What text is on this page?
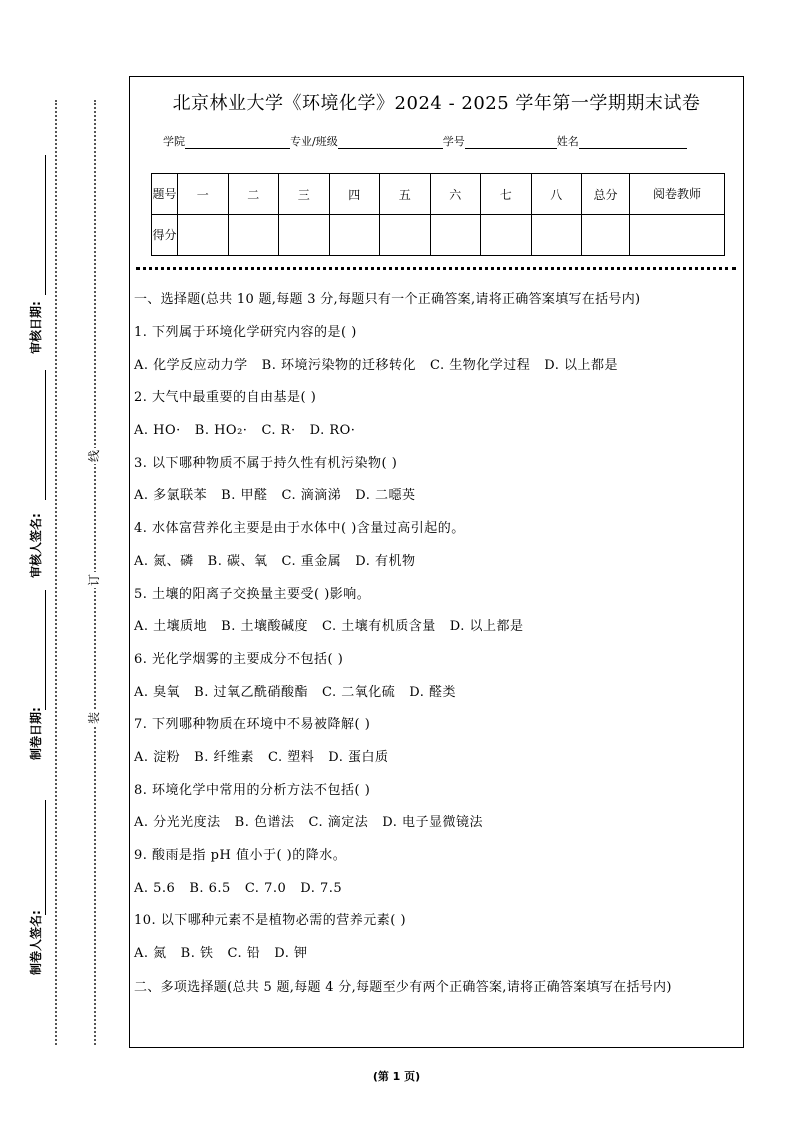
审核日期:
审核人签名:
制卷日期:
制卷人签名:
线
订
装
北京林业大学《环境化学》2024 - 2025 学年第一学期期末试卷
学院	专业/班级	学号	姓名
题号	一	二	三	四	五	六	七	八	总分	阅卷教师
得分										
一、选择题(总共 10 题,每题 3 分,每题只有一个正确答案,请将正确答案填写在括号内)
1. 下列属于环境化学研究内容的是( )
A. 化学反应动力学 B. 环境污染物的迁移转化 C. 生物化学过程 D. 以上都是
2. 大气中最重要的自由基是( )
A. HO· B. HO₂· C. R· D. RO·
3. 以下哪种物质不属于持久性有机污染物( )
A. 多氯联苯 B. 甲醛 C. 滴滴涕 D. 二噁英
4. 水体富营养化主要是由于水体中( )含量过高引起的。
A. 氮、磷 B. 碳、氧 C. 重金属 D. 有机物
5. 土壤的阳离子交换量主要受( )影响。
A. 土壤质地 B. 土壤酸碱度 C. 土壤有机质含量 D. 以上都是
6. 光化学烟雾的主要成分不包括( )
A. 臭氧 B. 过氧乙酰硝酸酯 C. 二氧化硫 D. 醛类
7. 下列哪种物质在环境中不易被降解( )
A. 淀粉 B. 纤维素 C. 塑料 D. 蛋白质
8. 环境化学中常用的分析方法不包括( )
A. 分光光度法 B. 色谱法 C. 滴定法 D. 电子显微镜法
9. 酸雨是指 pH 值小于( )的降水。
A. 5.6 B. 6.5 C. 7.0 D. 7.5
10. 以下哪种元素不是植物必需的营养元素( )
A. 氮 B. 铁 C. 铅 D. 钾
二、多项选择题(总共 5 题,每题 4 分,每题至少有两个正确答案,请将正确答案填写在括号内)
(第 1 页)
